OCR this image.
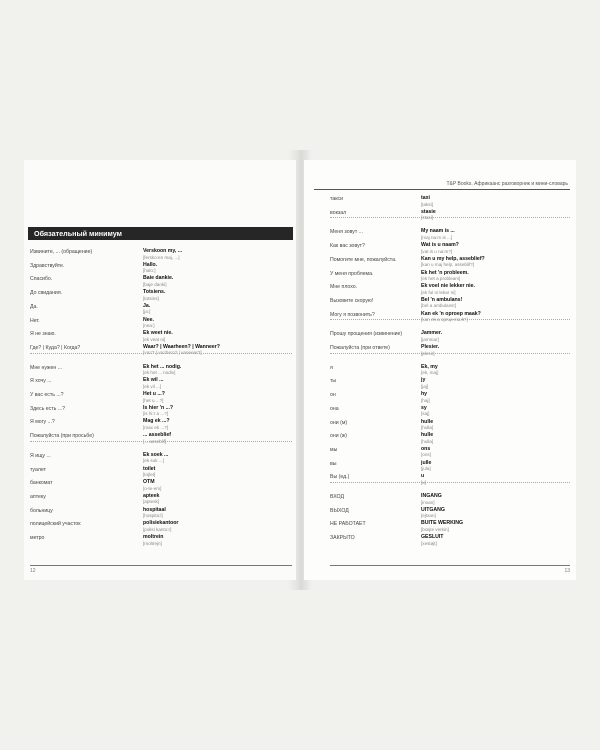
Обязательный минимум
12
Извините, ... (обращение)	Verskoon my, ...
[fersko:en maj, ...]
Здравствуйте.	Hallo.
[halo:]
Спасибо.	Baie dankie.
[baje danki]
До свидания.	Totsiens.
[totsins]
Да.	Ja.
[ja:]
Нет.	Nee.
[nea:]
Я не знаю.	Ek weet nie.
[ek veat ni]
Где? | Куда? | Когда?	Waar? | Waarheen? | Wanneer?
[va:r? | va:rhe:n? | vaneear?]
Мне нужен ...	Ek het ... nodig.
[ek het ... nodix]
Я хочу ...	Ek wil ...
[ek vil ...]
У вас есть ...?	Het u ...?
[het u ...?]
Здесь есть ...?	Is hier 'n ...?
[is hi:r a ...?]
Я могу ...?	Mag ek ...?
[max ek ...?]
Пожалуйста (при просьбе)	... asseblief
[... asseblif]
Я ищу ...	Ek soek ...
[ek suk ...]
туалет	toilet
[tojlet]
банкомат	OTM
[o-te-em]
аптеку	apteek
[aptesk]
больницу	hospitaal
[hospita:l]
полицейский участок	polisiekantoor
[polisi kanto:r]
метро	moltrein
[moltrejn]
T&P Books. Африкаанс разговорник и мини-словарь
13
такси	taxi
[taksi]
вокзал	stasie
[stasi]
Меня зовут ...	My naam is ...
[maj na:m is ...]
Как вас зовут?	Wat is u naam?
[vat is u na:m?]
Помогите мне, пожалуйста.	Kan u my help, asseblief?
[kan u maj help, asseblif?]
У меня проблема.	Ek het 'n probleem.
[ek het a probleam]
Мне плохо.	Ek voel nie lekker nie.
[ek ful ni lekar ni]
Вызовите скорую!	Bel 'n ambulans!
[bel a ambulans!]
Могу я позвонить?	Kan ek 'n oproep maak?
[kan ek a oprup ma:k?]
Прошу прощения (извинение)	Jammer.
[jammar]
Пожалуйста (при ответе)	Plesier.
[plesir]
я	Ek, my
[ek, maj]
ты	jy
[jaj]
он	hy
[haj]
она	sy
[saj]
они (м)	hulle
[hulla]
они (ж)	hulle
[hulla]
мы	ons
[ons]
вы	julle
[jula]
Вы (ед.)	u
[u]
ВХОД	INGANG
[inxan]
ВЫХОД	UITGANG
[ejtxan]
НЕ РАБОТАЕТ	BUITE WERKING
[bœjte verkin]
ЗАКРЫТО	GESLUIT
[xesløjt]
